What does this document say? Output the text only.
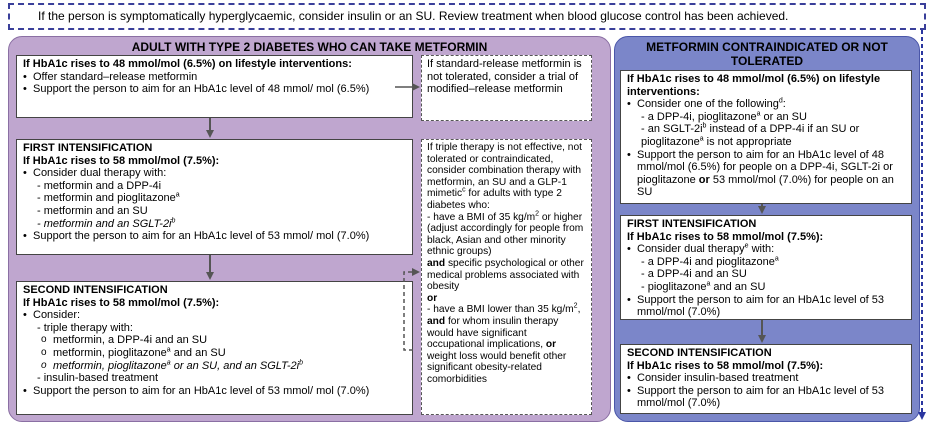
If the person is symptomatically hyperglycaemic, consider insulin or an SU. Review treatment when blood glucose control has been achieved.
ADULT WITH TYPE 2 DIABETES WHO CAN TAKE METFORMIN
If HbA1c rises to 48 mmol/mol (6.5%) on lifestyle interventions:
• Offer standard–release metformin
• Support the person to aim for an HbA1c level of 48 mmol/ mol (6.5%)
If standard-release metformin is not tolerated, consider a trial of modified–release metformin
FIRST INTENSIFICATION
If HbA1c rises to 58 mmol/mol (7.5%):
• Consider dual therapy with:
- metformin and a DPP-4i
- metformin and pioglitazone$^a$
- metformin and an SU
- metformin and an SGLT-$2i^b$
• Support the person to aim for an HbA1c level of 53 mmol/ mol (7.0%)
SECOND INTENSIFICATION
If HbA1c rises to 58 mmol/mol (7.5%):
• Consider:
- triple therapy with:
o metformin, a DPP-4i and an SU
o metformin, pioglitazone$^a$ and an SU
o metformin, pioglitazone$^a$ or an SU, and an SGLT-$2i^b$
- insulin-based treatment
• Support the person to aim for an HbA1c level of 53 mmol/ mol (7.0%)
If triple therapy is not effective, not tolerated or contraindicated, consider combination therapy with metformin, an SU and a GLP-1 mimetic$^c$ for adults with type 2 diabetes who:
- have a BMI of 35 $kg/m^2$ or higher (adjust accordingly for people from black, Asian and other minority ethnic groups)
and specific psychological or other medical problems associated with obesity
or
- have a BMI lower than 35 $kg/m^2$, and for whom insulin therapy would have significant occupational implications, or weight loss would benefit other significant obesity-related comorbidities
METFORMIN CONTRAINDICATED OR NOT
TOLERATED
If HbA1c rises to 48 mmol/mol (6.5%) on lifestyle interventions:
• Consider one of the following$^d$:
- a DPP-4i, pioglitazone$^a$ or an SU
- an SGLT-$2i^b$ instead of a DPP-4i if an SU or pioglitazone$^a$ is not appropriate
• Support the person to aim for an HbA1c level of 48 mmol/mol (6.5%) for people on a DPP-4i, SGLT-2i or pioglitazone or 53 mmol/mol (7.0%) for people on an SU
FIRST INTENSIFICATION
If HbA1c rises to 58 mmol/mol (7.5%):
• Consider dual therapy$^e$ with:
- a DPP-4i and pioglitazone$^a$
- a DPP-4i and an SU
- pioglitazone$^a$ and an SU
• Support the person to aim for an HbA1c level of 53 mmol/mol (7.0%)
SECOND INTENSIFICATION
If HbA1c rises to 58 mmol/mol (7.5%):
• Consider insulin-based treatment
• Support the person to aim for an HbA1c level of 53 mmol/mol (7.0%)
